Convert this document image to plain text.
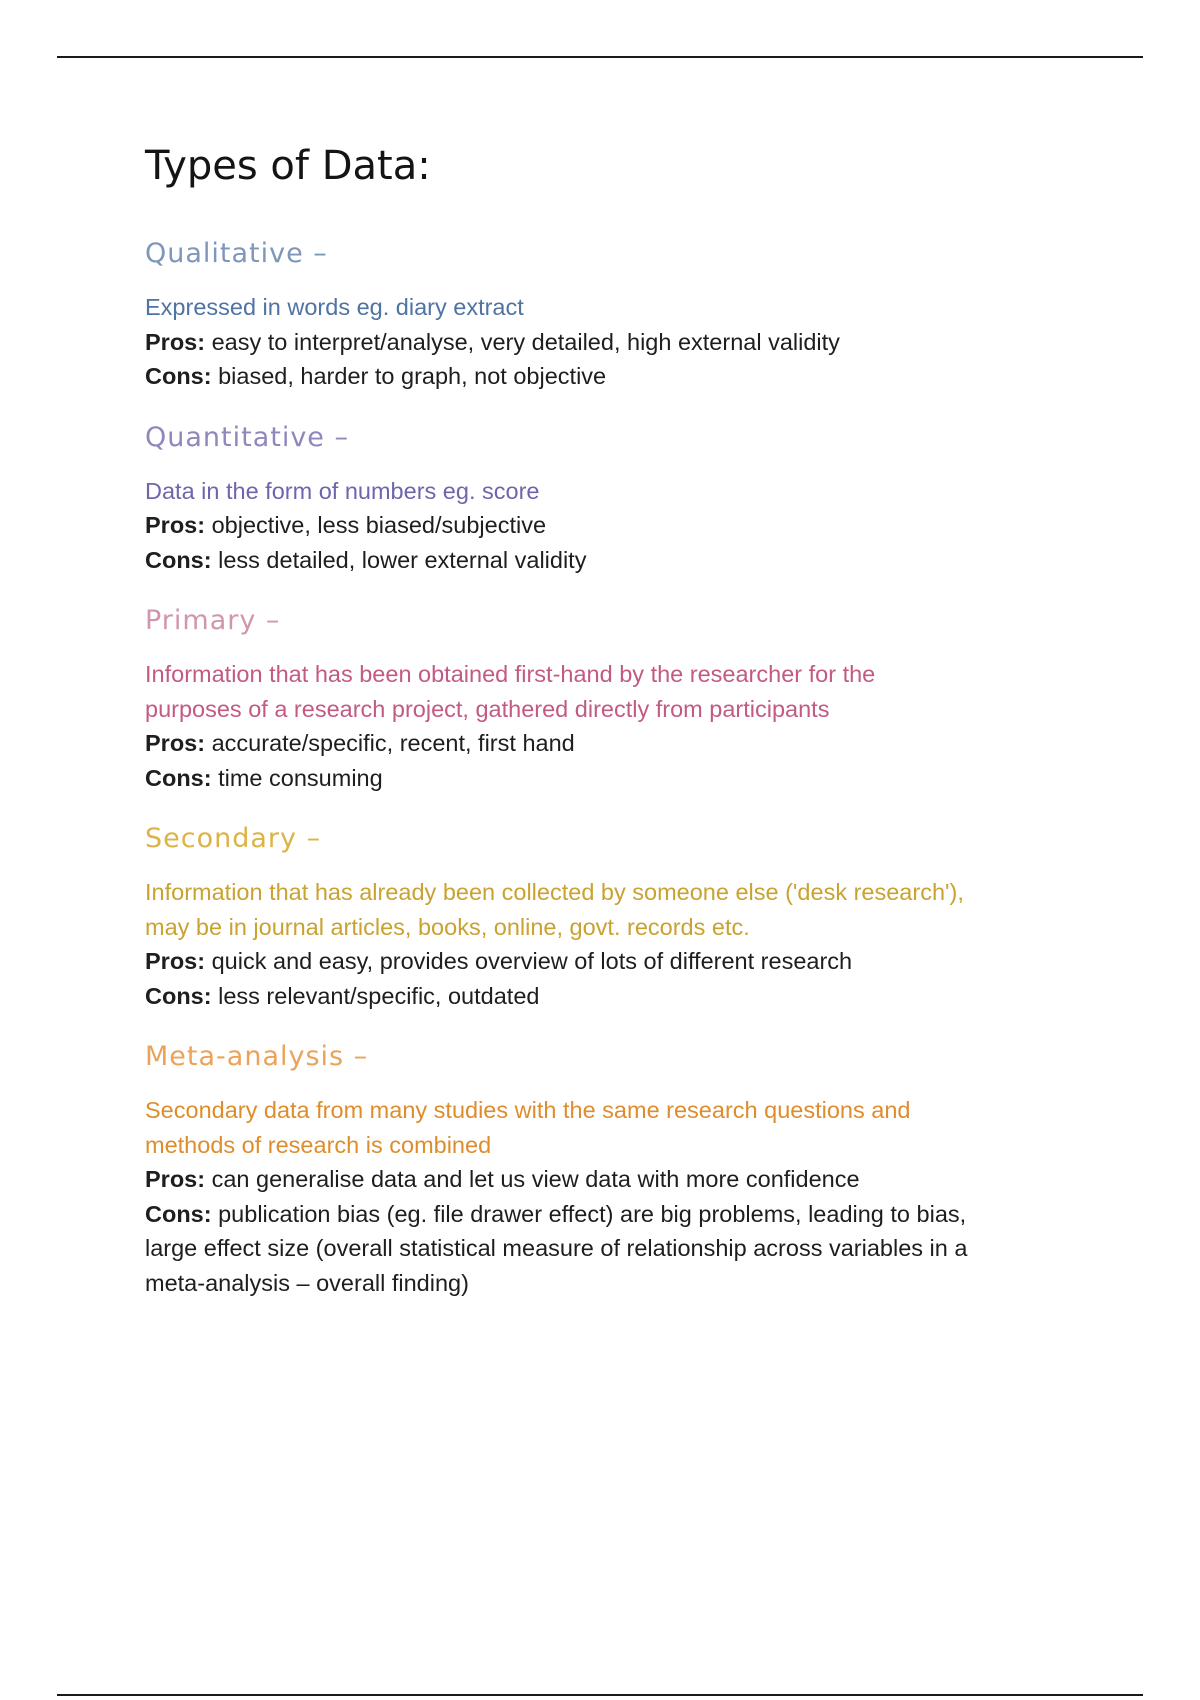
Types of Data:
Qualitative –

Expressed in words eg. diary extract

Pros: easy to interpret/analyse, very detailed, high external validity

Cons: biased, harder to graph, not objective

Quantitative –

Data in the form of numbers eg. score

Pros: objective, less biased/subjective

Cons: less detailed, lower external validity

Primary –

Information that has been obtained first-hand by the researcher for the

purposes of a research project, gathered directly from participants

Pros: accurate/specific, recent, first hand

Cons: time consuming

Secondary –

Information that has already been collected by someone else ('desk research'),

may be in journal articles, books, online, govt. records etc.

Pros: quick and easy, provides overview of lots of different research

Cons: less relevant/specific, outdated

Meta-analysis –

Secondary data from many studies with the same research questions and

methods of research is combined

Pros: can generalise data and let us view data with more confidence

Cons: publication bias (eg. file drawer effect) are big problems, leading to bias,

large effect size (overall statistical measure of relationship across variables in a

meta-analysis – overall finding)
